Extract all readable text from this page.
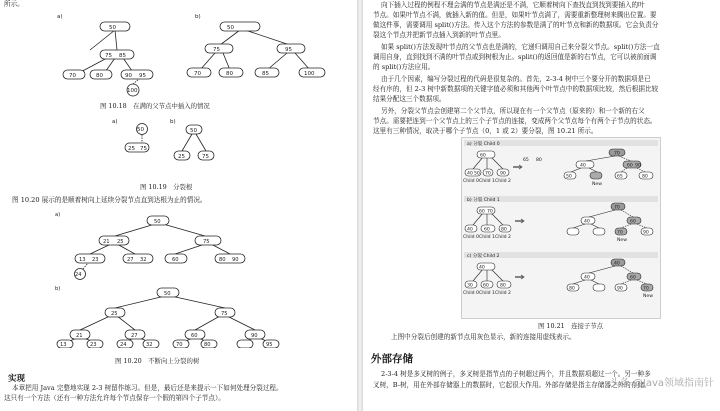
所示。
a)
50
75 85
70	80	90 95
100
b)
50
75	95
70	80	85	100
图 10.18　在满的父节点中插入的情况
a)
25
50
75
b)
50
25	75
图 10.19　分裂根
图 10.20 展示的是顺着树向上延续分裂节点直到达根为止的情况。
a)
50
21 25	75
13 23	27 32	60	80 90
24
b)
50
25	75
21	27	60	90
13	23	24	32	70	80	95
图 10.20　不断向上分裂的树
实现
本章把用 Java 完整地实现 2-3 树留作练习。但是，最后还是来提示一下如何处理分裂过程。
这只有一个方法（还有一种方法允许每个节点保存一个假的第四个子节点）。
向下插入过程的例程不理会满的节点是满还是不满，它顺着树向下查找直到找到要插入的叶
节点。如果叶节点不满，就插入新的值。但是，如果叶节点满了，需要重新整理树来腾出位置。要
做这件事，需要调用 split()方法。传入这个方法的参数是满了的叶节点和新的数据项。它会负责分
裂这个节点并把新节点插入到新的叶节点里。
如果 split()方法发现叶节点的父节点也是满的，它递归调用自己来分裂父节点。split()方法一直
调用自身，直到找到不满的叶节点或到树根为止。split()的返回值是新的右节点，它可以被前面调
的 split()方法应用。
由于几个因素，编写分裂过程的代码是很复杂的。首先，2-3-4 树中三个要分开的数据项是已
经有序的，但 2-3 树中新数据项的关键字值必须和其他两个叶节点中的数据项比较，然后根据比较
结果分配这三个数据项。
另外，分裂父节点会创建第二个父节点，所以现在有一个父节点（原来的）和一个新的右父
节点。需要把连到一个父节点上的三个子节点的连接，变成两个父节点每个有两个子节点的状态。
这里有三种情况，取决于哪个子节点（0，1 或 2）要分裂，图 10.21 所示。
a) 分裂 Child 0
60
40 50 70 90
65 80
Child 0 Child 1 Child 2
70
40	60 90
50	65	80
New
b) 分裂 Child 1
60 70
40 60 80
Child 0 Child 1 Child 2
70
40	60
70	90
New
c) 分裂 Child 2
40
30 60 80
Child 0 Child 1 Child 2
40
40	60
80	90	70
New
图 10.21　连接子节点
上图中分裂后创建的新节点用灰色显示，新的连接用虚线表示。
外部存储
2-3-4 树是多叉树的例子，多叉树是指节点的子树超过两个，并且数据项超过一个。另一种多
叉树，B-树，用在外部存储器上的数据时，它起很大作用。外部存储是指主存储器之外的存储。
头条 @Java领域指南针
